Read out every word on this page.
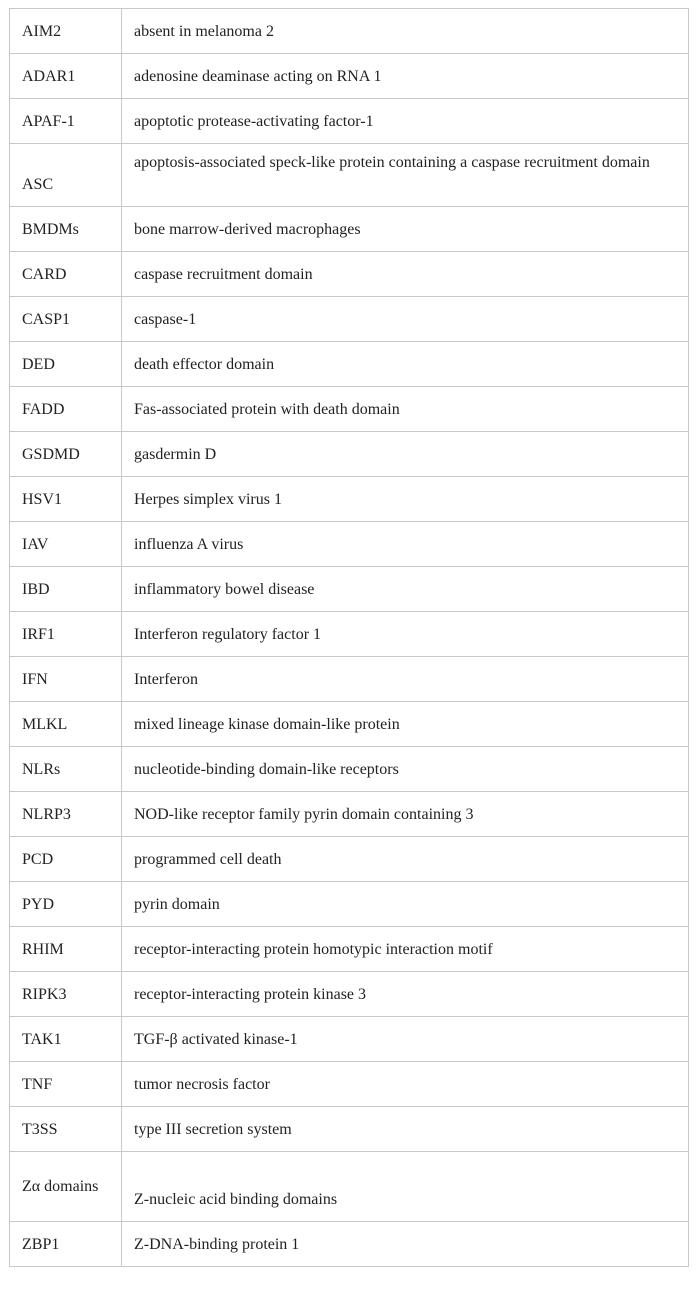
AIM2	absent in melanoma 2
ADAR1	adenosine deaminase acting on RNA 1
APAF-1	apoptotic protease-activating factor-1
ASC	apoptosis-associated speck-like protein containing a caspase recruitment domain
BMDMs	bone marrow-derived macrophages
CARD	caspase recruitment domain
CASP1	caspase-1
DED	death effector domain
FADD	Fas-associated protein with death domain
GSDMD	gasdermin D
HSV1	Herpes simplex virus 1
IAV	influenza A virus
IBD	inflammatory bowel disease
IRF1	Interferon regulatory factor 1
IFN	Interferon
MLKL	mixed lineage kinase domain-like protein
NLRs	nucleotide-binding domain-like receptors
NLRP3	NOD-like receptor family pyrin domain containing 3
PCD	programmed cell death
PYD	pyrin domain
RHIM	receptor-interacting protein homotypic interaction motif
RIPK3	receptor-interacting protein kinase 3
TAK1	TGF-β activated kinase-1
TNF	tumor necrosis factor
T3SS	type III secretion system
Zα domains	Z-nucleic acid binding domains
ZBP1	Z-DNA-binding protein 1
